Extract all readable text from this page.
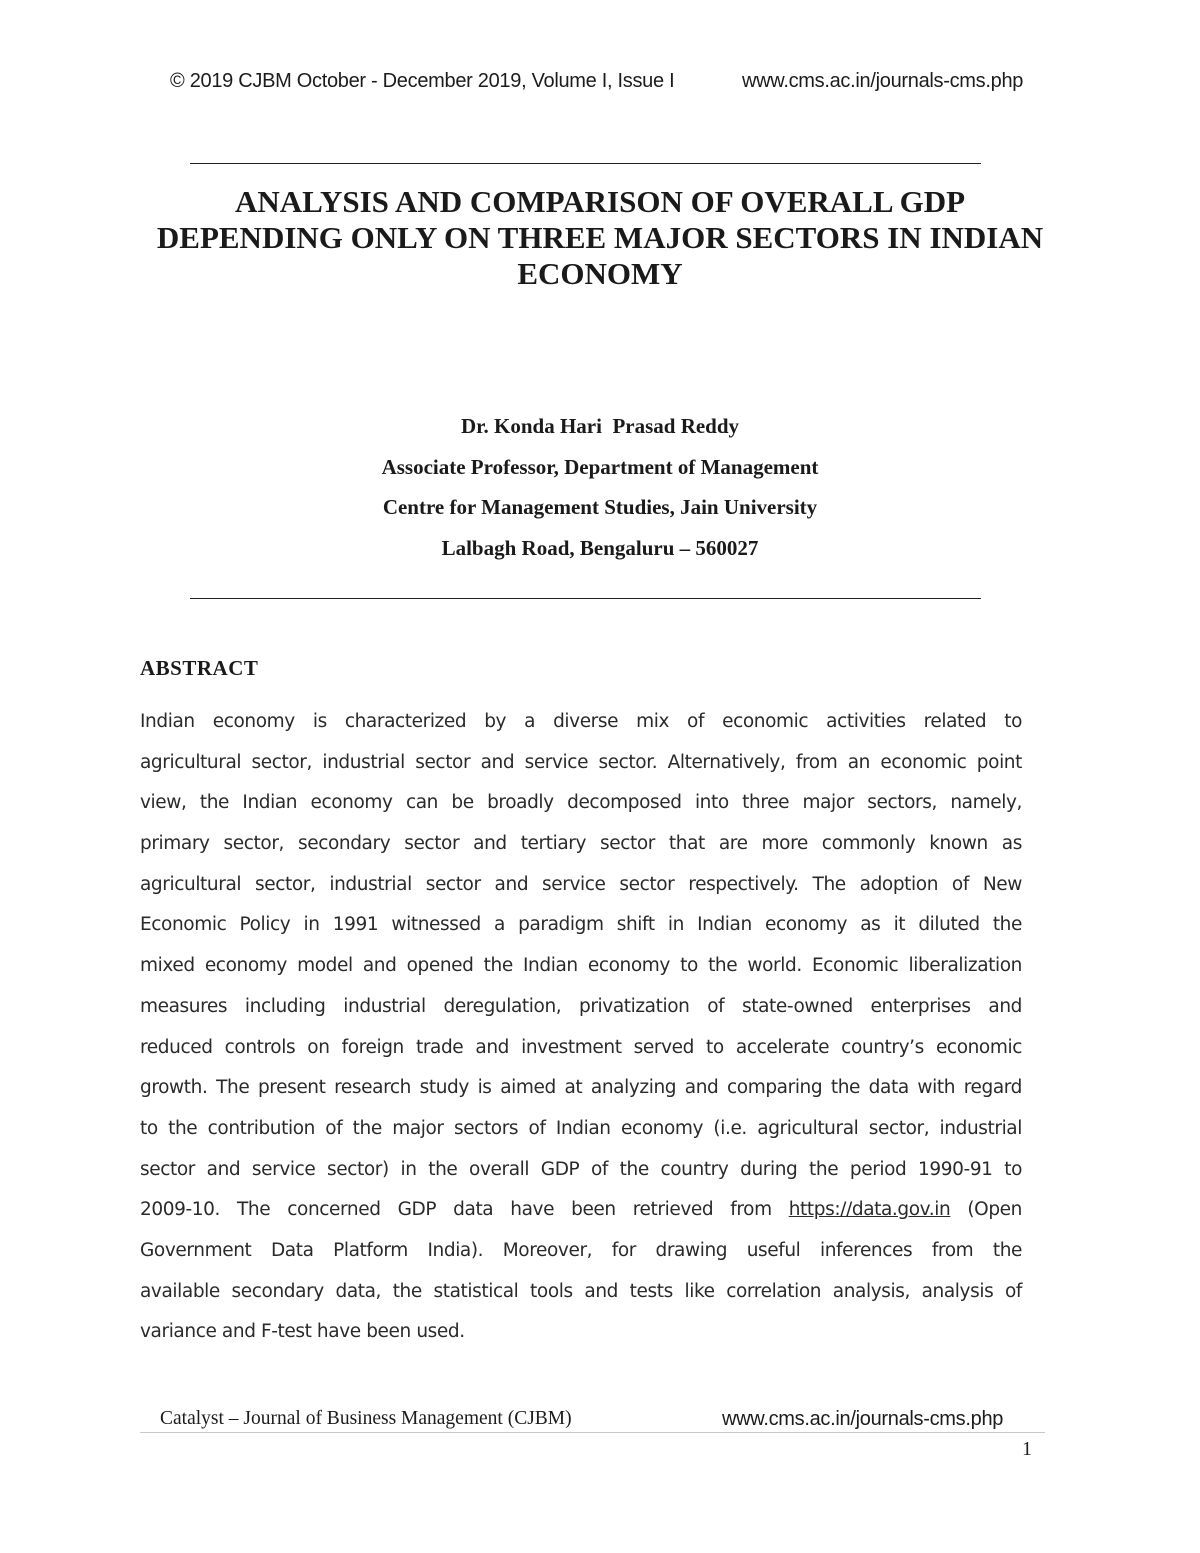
© 2019 CJBM October - December 2019, Volume I, Issue I	www.cms.ac.in/journals-cms.php
ANALYSIS AND COMPARISON OF OVERALL GDP
DEPENDING ONLY ON THREE MAJOR SECTORS IN INDIAN
ECONOMY
Dr. Konda Hari  Prasad Reddy
Associate Professor, Department of Management
Centre for Management Studies, Jain University
Lalbagh Road, Bengaluru – 560027
ABSTRACT
Indian economy is characterized by a diverse mix of economic activities related to
agricultural sector, industrial sector and service sector. Alternatively, from an economic point
view, the Indian economy can be broadly decomposed into three major sectors, namely,
primary sector, secondary sector and tertiary sector that are more commonly known as
agricultural sector, industrial sector and service sector respectively. The adoption of New
Economic Policy in 1991 witnessed a paradigm shift in Indian economy as it diluted the
mixed economy model and opened the Indian economy to the world. Economic liberalization
measures including industrial deregulation, privatization of state-owned enterprises and
reduced controls on foreign trade and investment served to accelerate country’s economic
growth. The present research study is aimed at analyzing and comparing the data with regard
to the contribution of the major sectors of Indian economy (i.e. agricultural sector, industrial
sector and service sector) in the overall GDP of the country during the period 1990-91 to
2009-10. The concerned GDP data have been retrieved from https://data.gov.in (Open
Government Data Platform India). Moreover, for drawing useful inferences from the
available secondary data, the statistical tools and tests like correlation analysis, analysis of
variance and F-test have been used.
Catalyst – Journal of Business Management (CJBM)	www.cms.ac.in/journals-cms.php
1
